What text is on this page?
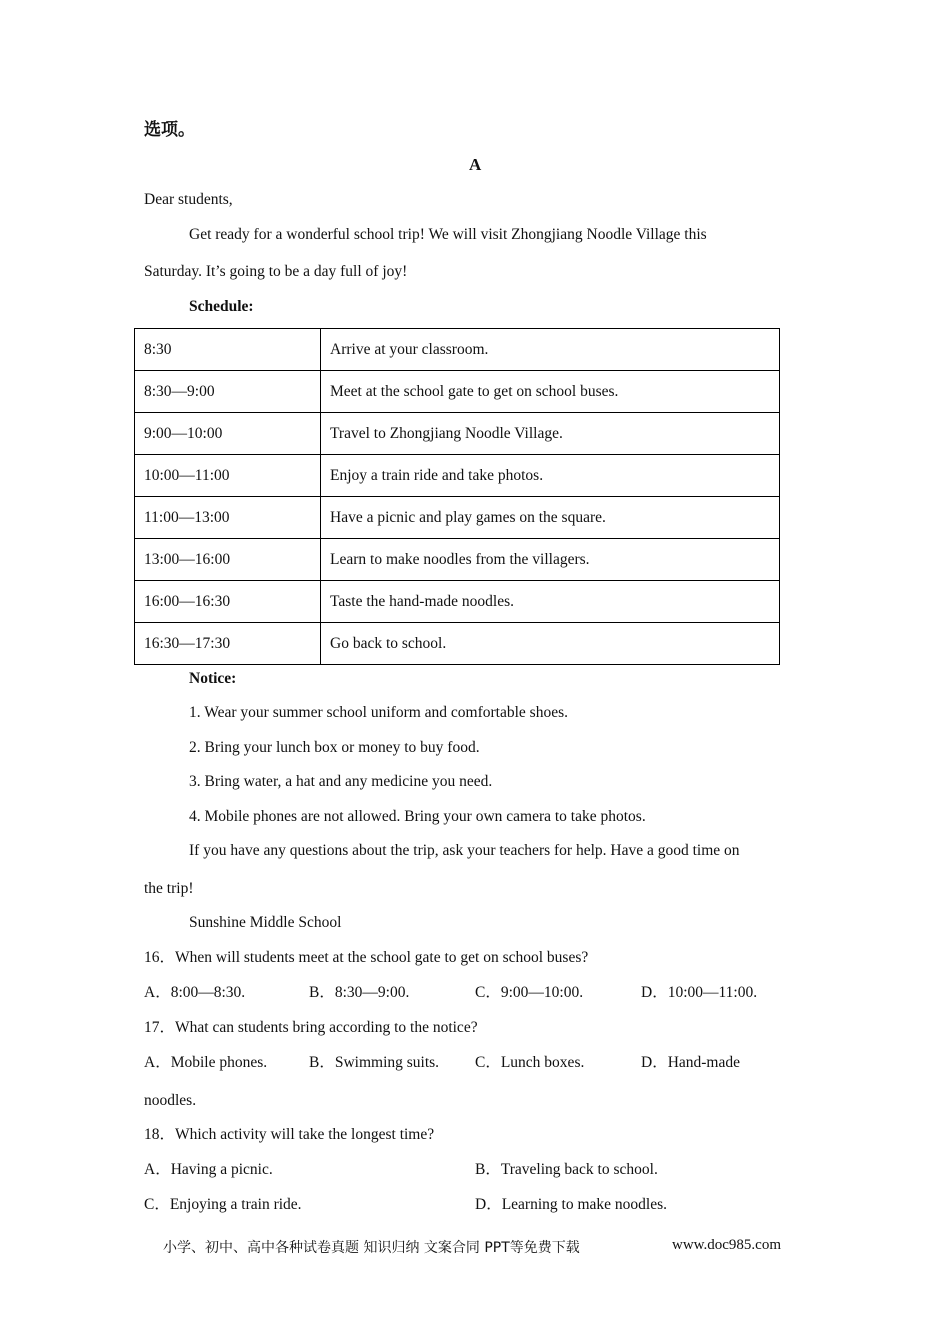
选项。
A
Dear students,
Get ready for a wonderful school trip! We will visit Zhongjiang Noodle Village this
Saturday. It’s going to be a day full of joy!
Schedule:
8:30	Arrive at your classroom.
8:30—9:00	Meet at the school gate to get on school buses.
9:00—10:00	Travel to Zhongjiang Noodle Village.
10:00—11:00	Enjoy a train ride and take photos.
11:00—13:00	Have a picnic and play games on the square.
13:00—16:00	Learn to make noodles from the villagers.
16:00—16:30	Taste the hand-made noodles.
16:30—17:30	Go back to school.
Notice:
1. Wear your summer school uniform and comfortable shoes.
2. Bring your lunch box or money to buy food.
3. Bring water, a hat and any medicine you need.
4. Mobile phones are not allowed. Bring your own camera to take photos.
If you have any questions about the trip, ask your teachers for help. Have a good time on
the trip!
Sunshine Middle School
16．When will students meet at the school gate to get on school buses?
A．8:00—8:30.	B．8:30—9:00.	C．9:00—10:00.	D．10:00—11:00.
17．What can students bring according to the notice?
A．Mobile phones.	B．Swimming suits. C．Lunch boxes.	D．Hand-made
noodles.
18．Which activity will take the longest time?
A．Having a picnic.	B．Traveling back to school.
C．Enjoying a train ride.	D．Learning to make noodles.
小学、初中、高中各种试卷真题 知识归纳 文案合同 PPT等免费下载	www.doc985.com
